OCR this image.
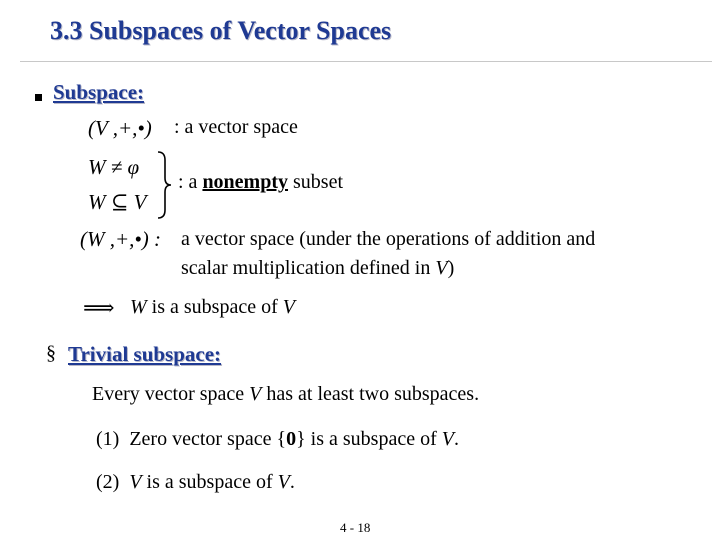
3.3 Subspaces of Vector Spaces
Subspace:
(V ,+,•) : a vector space
W ≠ φ
W ⊆ V
: a nonempty subset
(W ,+,•) : a vector space (under the operations of addition and
scalar multiplication defined in V)
⟹ W is a subspace of V
§ Trivial subspace:
Every vector space V has at least two subspaces.
(1) Zero vector space {0} is a subspace of V.
(2) V is a subspace of V.
4 - 18
